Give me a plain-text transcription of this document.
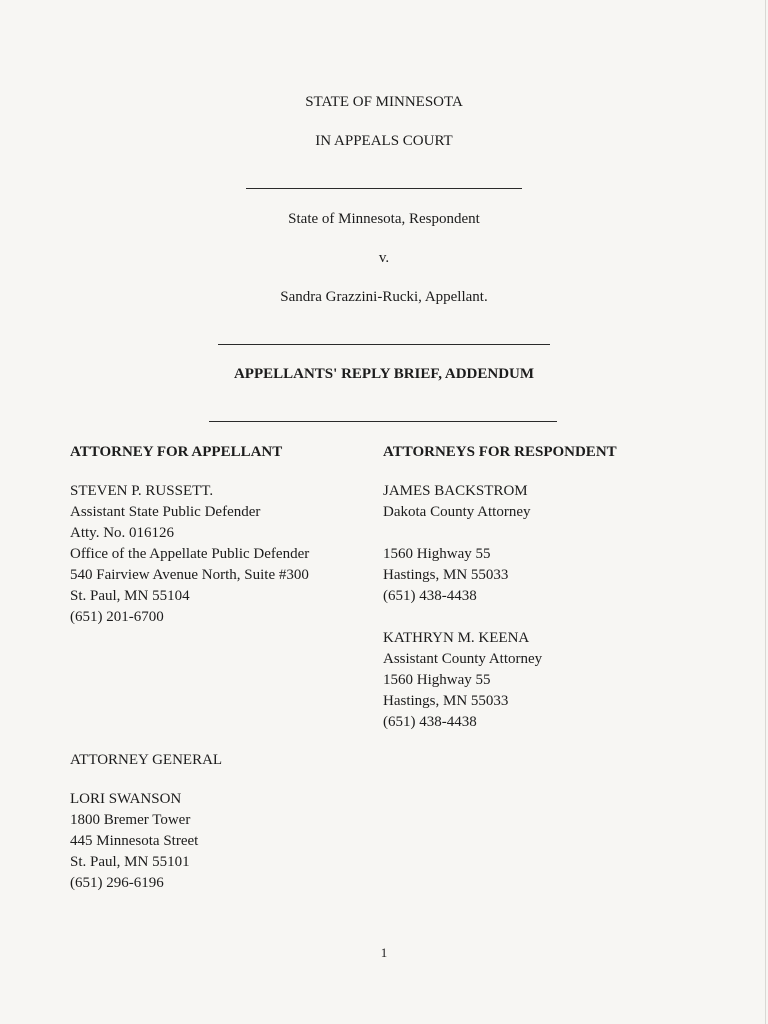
STATE OF MINNESOTA
IN APPEALS COURT
State of Minnesota, Respondent
v.
Sandra Grazzini-Rucki, Appellant.
APPELLANTS' REPLY BRIEF, ADDENDUM
ATTORNEY FOR APPELLANT
STEVEN P. RUSSETT.
Assistant State Public Defender
Atty. No. 016126
Office of the Appellate Public Defender
540 Fairview Avenue North, Suite #300
St. Paul, MN 55104
(651) 201-6700
ATTORNEYS FOR RESPONDENT
JAMES BACKSTROM
Dakota County Attorney
1560 Highway 55
Hastings, MN 55033
(651) 438-4438
KATHRYN M. KEENA
Assistant County Attorney
1560 Highway 55
Hastings, MN 55033
(651) 438-4438
ATTORNEY GENERAL
LORI SWANSON
1800 Bremer Tower
445 Minnesota Street
St. Paul, MN 55101
(651) 296-6196
1
